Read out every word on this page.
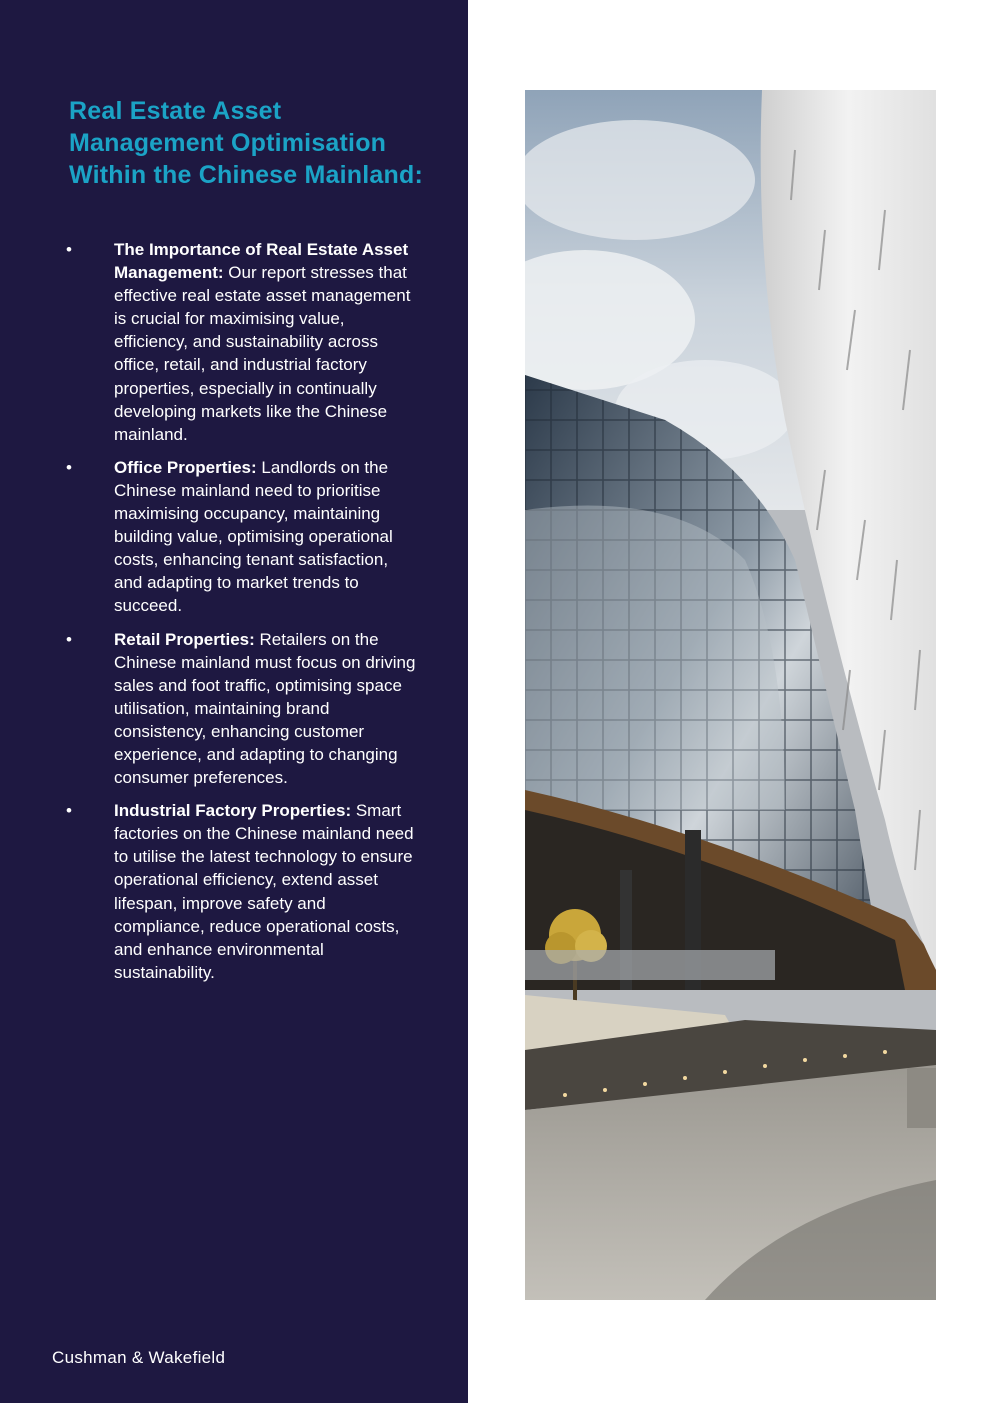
Real Estate Asset Management Optimisation Within the Chinese Mainland:
• The Importance of Real Estate Asset Management: Our report stresses that effective real estate asset management is crucial for maximising value, efficiency, and sustainability across office, retail, and industrial factory properties, especially in continually developing markets like the Chinese mainland.
• Office Properties: Landlords on the Chinese mainland need to prioritise maximising occupancy, maintaining building value, optimising operational costs, enhancing tenant satisfaction, and adapting to market trends to succeed.
• Retail Properties: Retailers on the Chinese mainland must focus on driving sales and foot traffic, optimising space utilisation, maintaining brand consistency, enhancing customer experience, and adapting to changing consumer preferences.
• Industrial Factory Properties: Smart factories on the Chinese mainland need to utilise the latest technology to ensure operational efficiency, extend asset lifespan, improve safety and compliance, reduce operational costs, and enhance environmental sustainability.
Cushman & Wakefield
